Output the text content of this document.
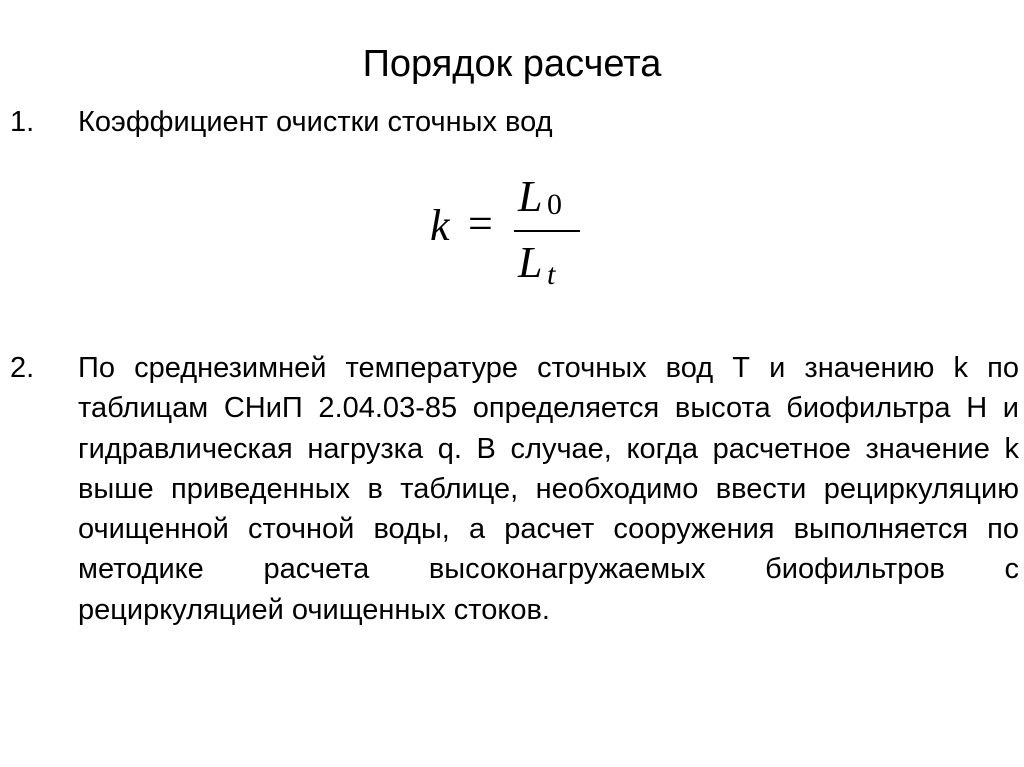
Порядок расчета
1. Коэффициент очистки сточных вод
k =
L 0
L t
2. По среднезимней температуре сточных вод Т и значению k по таблицам СНиП 2.04.03-85 определяется высота биофильтра Н и гидравлическая нагрузка q. В случае, когда расчетное значение k выше приведенных в таблице, необходимо ввести рециркуляцию очищенной сточной воды, а расчет сооружения выполняется по методике расчета высоконагружаемых биофильтров с рециркуляцией очищенных стоков.
